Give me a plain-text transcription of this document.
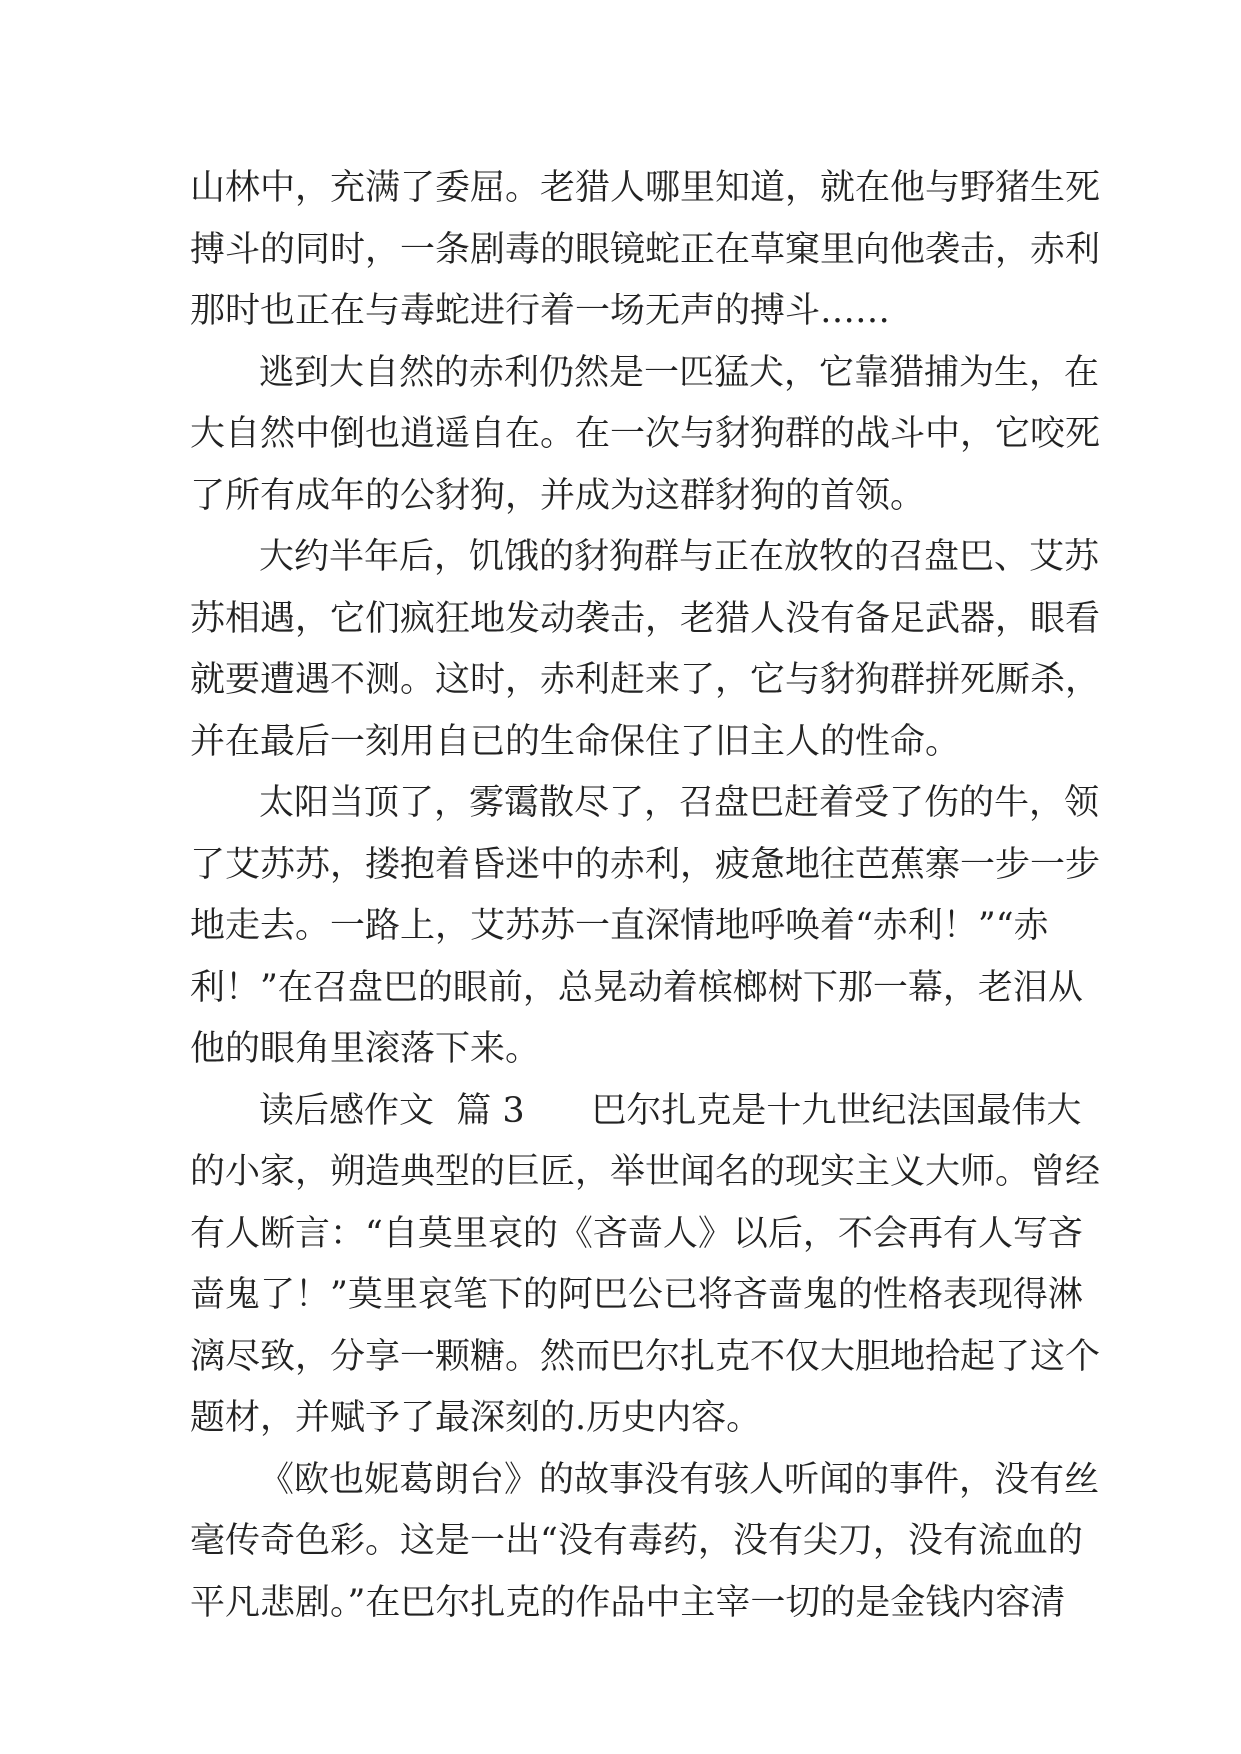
山林中，充满了委屈。老猎人哪里知道，就在他与野猪生死
搏斗的同时，一条剧毒的眼镜蛇正在草窠里向他袭击，赤利
那时也正在与毒蛇进行着一场无声的搏斗……
逃到大自然的赤利仍然是一匹猛犬，它靠猎捕为生，在
大自然中倒也逍遥自在。在一次与豺狗群的战斗中，它咬死
了所有成年的公豺狗，并成为这群豺狗的首领。
大约半年后，饥饿的豺狗群与正在放牧的召盘巴、艾苏
苏相遇，它们疯狂地发动袭击，老猎人没有备足武器，眼看
就要遭遇不测。这时，赤利赶来了，它与豺狗群拼死厮杀，
并在最后一刻用自已的生命保住了旧主人的性命。
太阳当顶了，雾霭散尽了，召盘巴赶着受了伤的牛，领
了艾苏苏，搂抱着昏迷中的赤利，疲惫地往芭蕉寨一步一步
地走去。一路上，艾苏苏一直深情地呼唤着“赤利！”“赤
利！”在召盘巴的眼前，总晃动着槟榔树下那一幕，老泪从
他的眼角里滚落下来。
读后感作文  篇 3      巴尔扎克是十九世纪法国最伟大
的小家，朔造典型的巨匠，举世闻名的现实主义大师。曾经
有人断言：“自莫里哀的《吝啬人》以后，不会再有人写吝
啬鬼了！”莫里哀笔下的阿巴公已将吝啬鬼的性格表现得淋
漓尽致，分享一颗糖。然而巴尔扎克不仅大胆地拾起了这个
题材，并赋予了最深刻的.历史内容。
《欧也妮葛朗台》的故事没有骇人听闻的事件，没有丝
毫传奇色彩。这是一出“没有毒药，没有尖刀，没有流血的
平凡悲剧。”在巴尔扎克的作品中主宰一切的是金钱内容清
